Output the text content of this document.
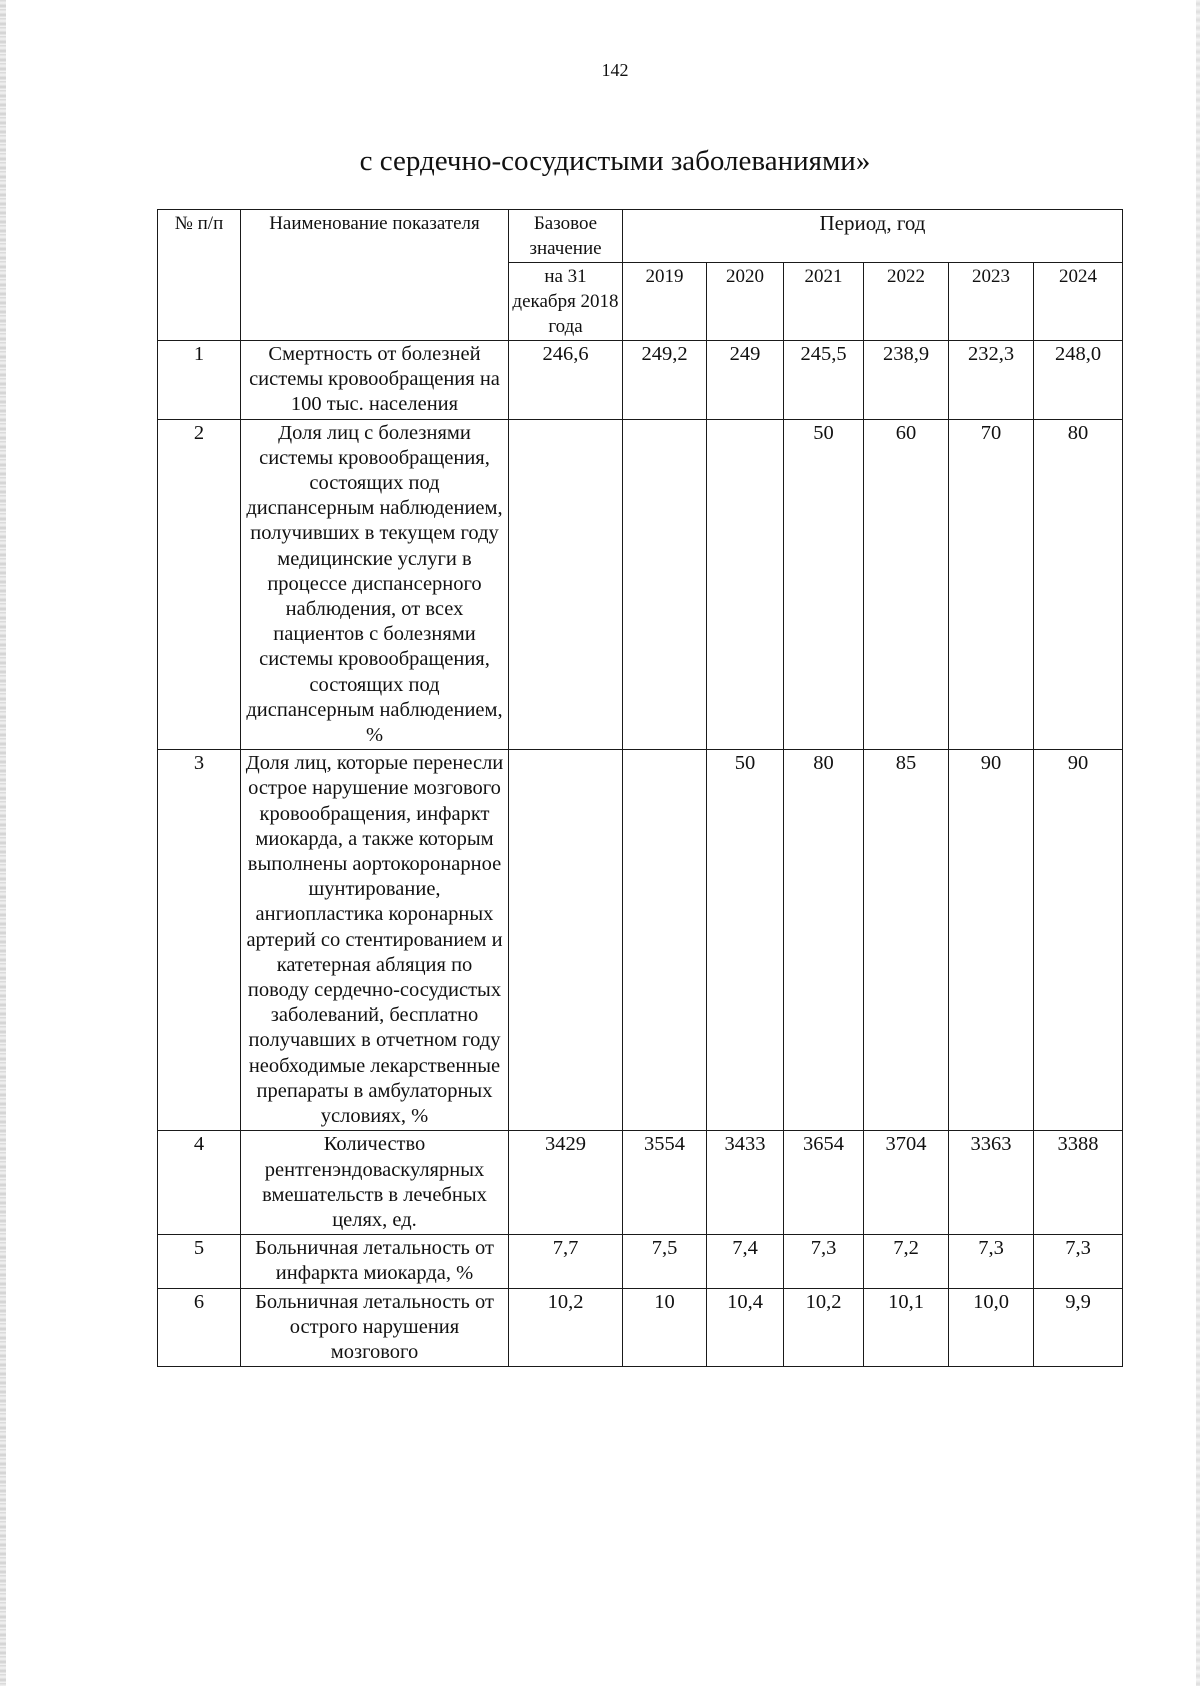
142
с сердечно-сосудистыми заболеваниями»
№ п/п	Наименование показателя	Базовое значение	Период, год					
		на 31 декабря 2018 года	2019	2020	2021	2022	2023	2024
1	Смертность от болезней системы кровообращения на 100 тыс. населения	246,6	249,2	249	245,5	238,9	232,3	248,0
2	Доля лиц с болезнями системы кровообращения, состоящих под диспансерным наблюдением, получивших в текущем году медицинские услуги в процессе диспансерного наблюдения, от всех пациентов с болезнями системы кровообращения, состоящих под диспансерным наблюдением, %				50	60	70	80
3	Доля лиц, которые перенесли острое нарушение мозгового кровообращения, инфаркт миокарда, а также которым выполнены аортокоронарное шунтирование, ангиопластика коронарных артерий со стентированием и катетерная абляция по поводу сердечно-сосудистых заболеваний, бесплатно получавших в отчетном году необходимые лекарственные препараты в амбулаторных условиях, %			50	80	85	90	90
4	Количество рентгенэндоваскулярных вмешательств в лечебных целях, ед.	3429	3554	3433	3654	3704	3363	3388
5	Больничная летальность от инфаркта миокарда, %	7,7	7,5	7,4	7,3	7,2	7,3	7,3
6	Больничная летальность от острого нарушения мозгового	10,2	10	10,4	10,2	10,1	10,0	9,9
